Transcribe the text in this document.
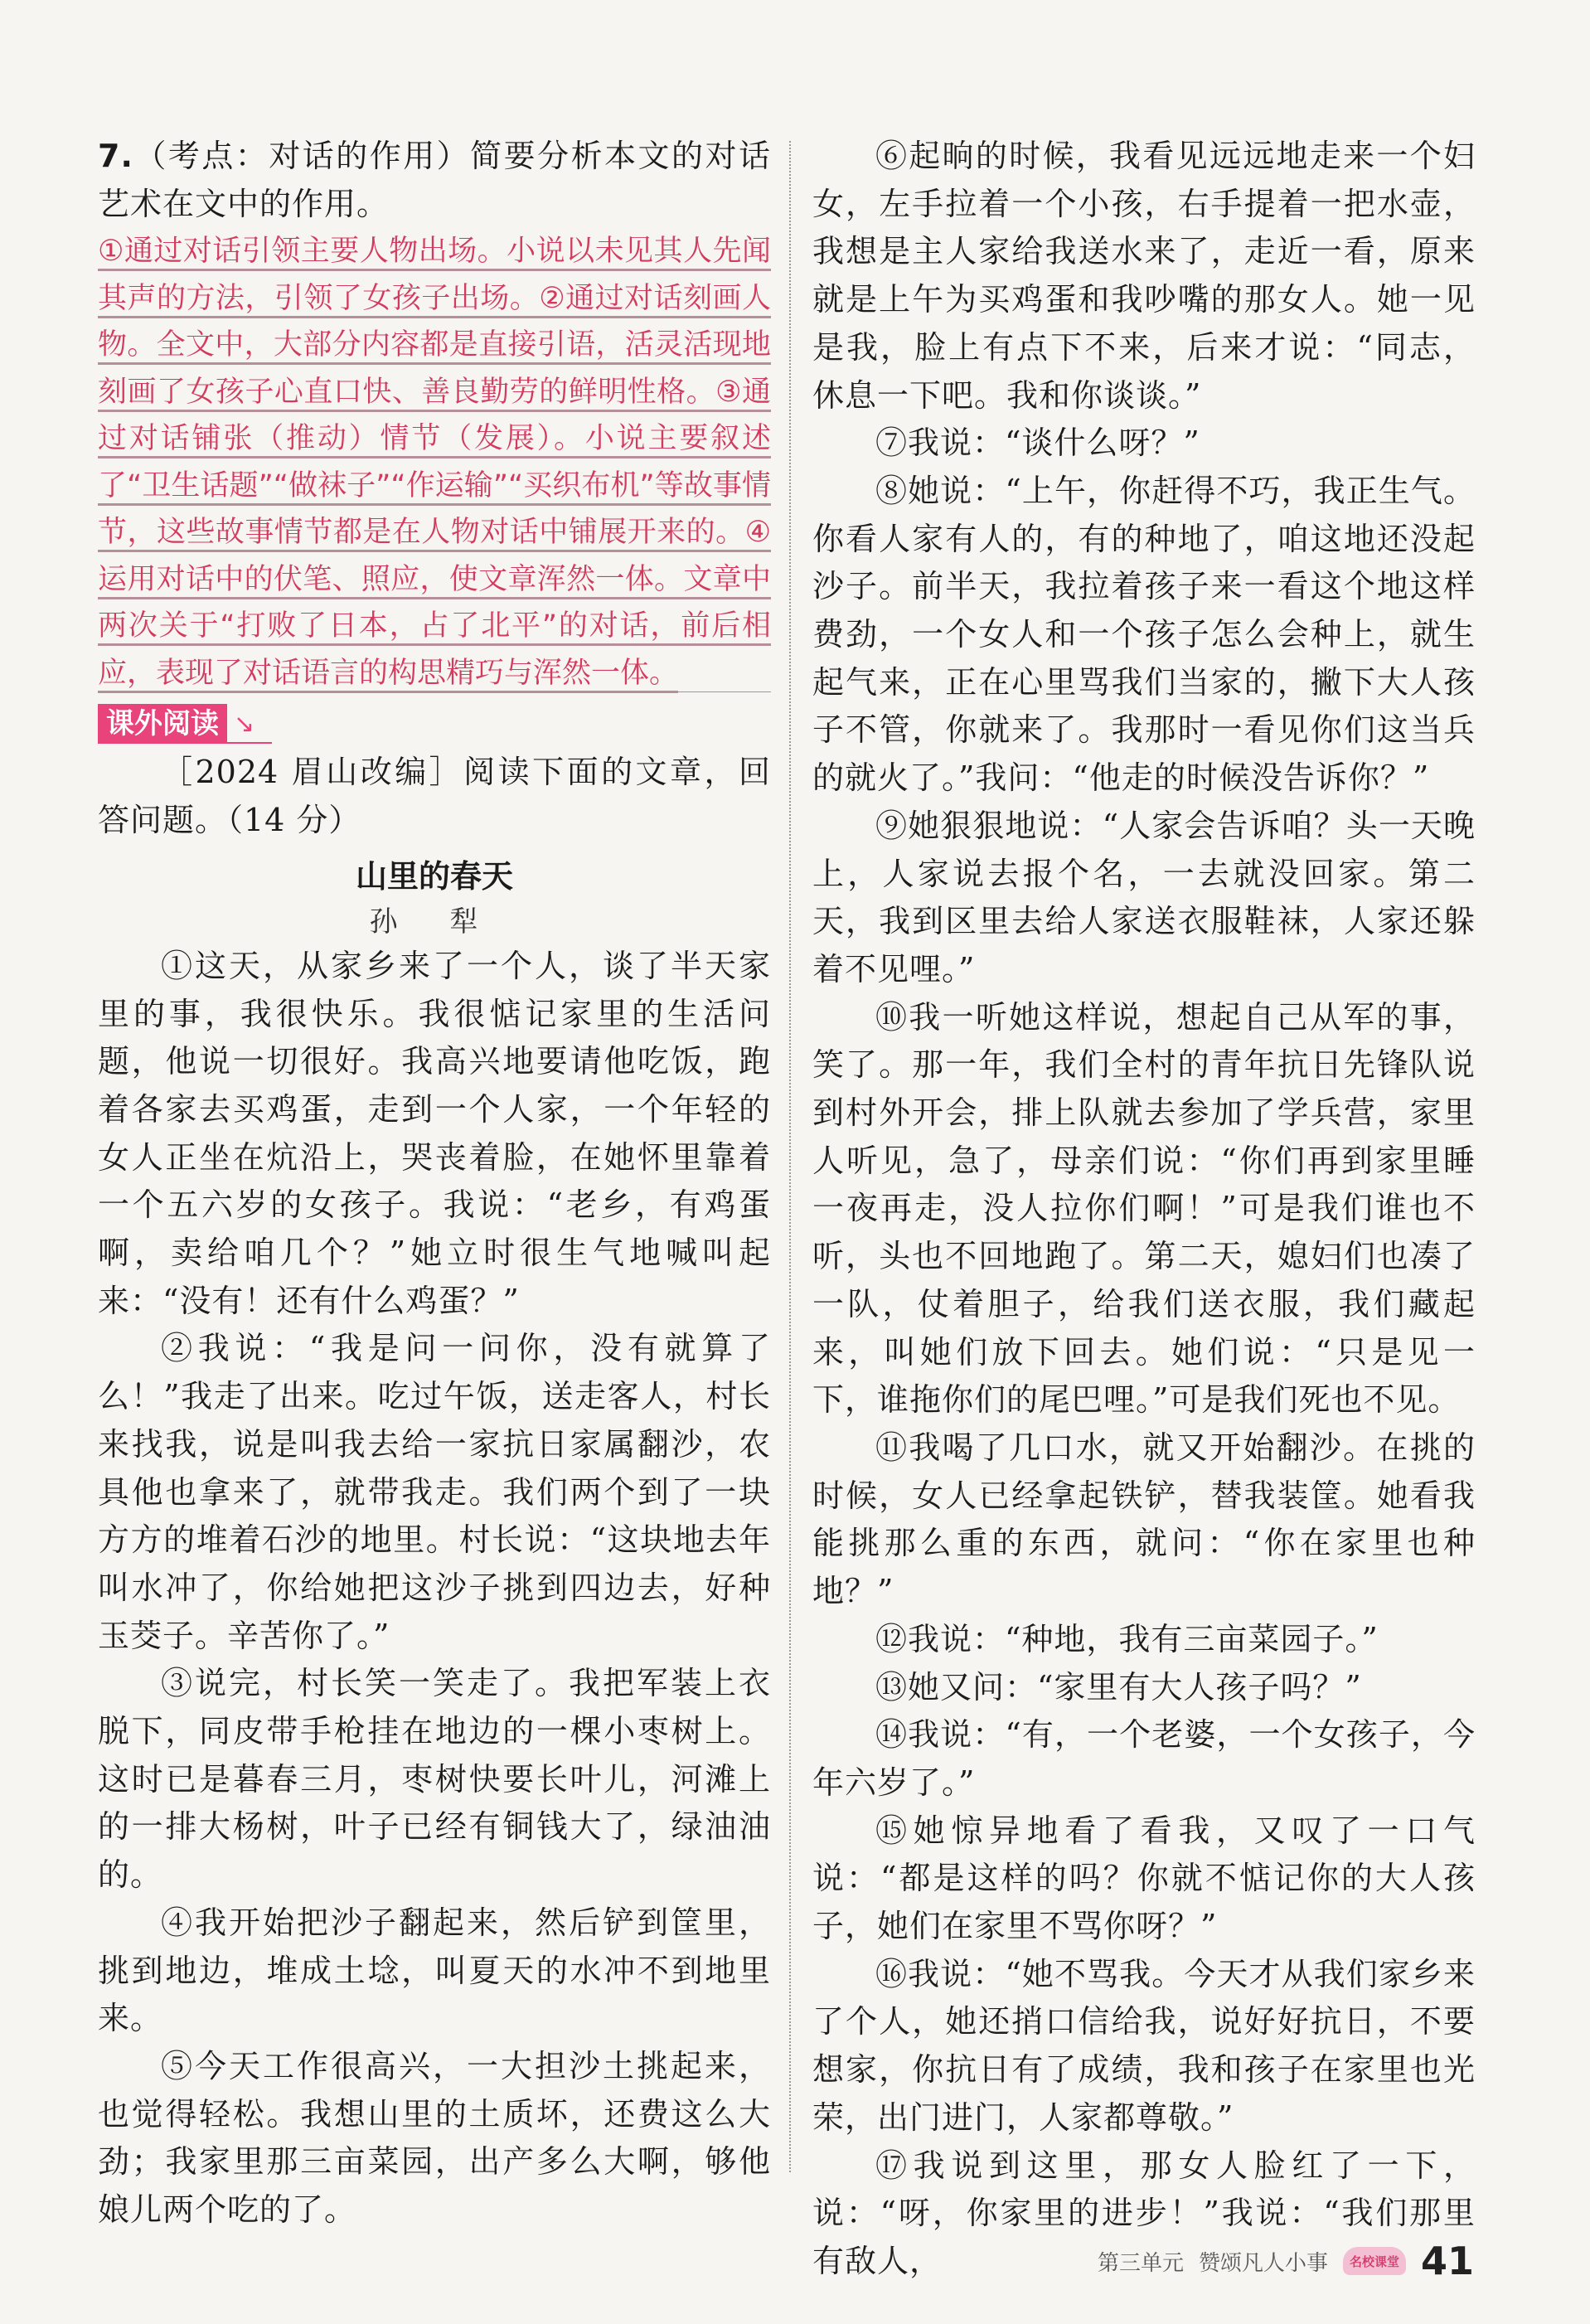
7.（考点：对话的作用）简要分析本文的对话艺术在文中的作用。

①通过对话引领主要人物出场。小说以未见其人先闻其声的方法，引领了女孩子出场。②通过对话刻画人物。全文中，大部分内容都是直接引语，活灵活现地刻画了女孩子心直口快、善良勤劳的鲜明性格。③通过对话铺张（推动）情节（发展）。小说主要叙述了“卫生话题”“做袜子”“作运输”“买织布机”等故事情节，这些故事情节都是在人物对话中铺展开来的。④运用对话中的伏笔、照应，使文章浑然一体。文章中两次关于“打败了日本，占了北平”的对话，前后相应，表现了对话语言的构思精巧与浑然一体。
课外阅读 ↘

［2024 眉山改编］阅读下面的文章，回答问题。（14 分）

山里的春天
孙 犁

①这天，从家乡来了一个人，谈了半天家里的事，我很快乐。我很惦记家里的生活问题，他说一切很好。我高兴地要请他吃饭，跑着各家去买鸡蛋，走到一个人家，一个年轻的女人正坐在炕沿上，哭丧着脸，在她怀里靠着一个五六岁的女孩子。我说：“老乡，有鸡蛋啊，卖给咱几个？”她立时很生气地喊叫起来：“没有！还有什么鸡蛋？”

②我说：“我是问一问你，没有就算了么！”我走了出来。吃过午饭，送走客人，村长来找我，说是叫我去给一家抗日家属翻沙，农具他也拿来了，就带我走。我们两个到了一块方方的堆着石沙的地里。村长说：“这块地去年叫水冲了，你给她把这沙子挑到四边去，好种玉茭子。辛苦你了。”

③说完，村长笑一笑走了。我把军装上衣脱下，同皮带手枪挂在地边的一棵小枣树上。这时已是暮春三月，枣树快要长叶儿，河滩上的一排大杨树，叶子已经有铜钱大了，绿油油的。

④我开始把沙子翻起来，然后铲到筐里，挑到地边，堆成土埝，叫夏天的水冲不到地里来。

⑤今天工作很高兴，一大担沙土挑起来，也觉得轻松。我想山里的土质坏，还费这么大劲；我家里那三亩菜园，出产多么大啊，够他娘儿两个吃的了。

⑥起晌的时候，我看见远远地走来一个妇女，左手拉着一个小孩，右手提着一把水壶，我想是主人家给我送水来了，走近一看，原来就是上午为买鸡蛋和我吵嘴的那女人。她一见是我，脸上有点下不来，后来才说：“同志，休息一下吧。我和你谈谈。”

⑦我说：“谈什么呀？”

⑧她说：“上午，你赶得不巧，我正生气。你看人家有人的，有的种地了，咱这地还没起沙子。前半天，我拉着孩子来一看这个地这样费劲，一个女人和一个孩子怎么会种上，就生起气来，正在心里骂我们当家的，撇下大人孩子不管，你就来了。我那时一看见你们这当兵的就火了。”我问：“他走的时候没告诉你？”

⑨她狠狠地说：“人家会告诉咱？头一天晚上，人家说去报个名，一去就没回家。第二天，我到区里去给人家送衣服鞋袜，人家还躲着不见哩。”

⑩我一听她这样说，想起自己从军的事，笑了。那一年，我们全村的青年抗日先锋队说到村外开会，排上队就去参加了学兵营，家里人听见，急了，母亲们说：“你们再到家里睡一夜再走，没人拉你们啊！”可是我们谁也不听，头也不回地跑了。第二天，媳妇们也凑了一队，仗着胆子，给我们送衣服，我们藏起来，叫她们放下回去。她们说：“只是见一下，谁拖你们的尾巴哩。”可是我们死也不见。

⑪我喝了几口水，就又开始翻沙。在挑的时候，女人已经拿起铁铲，替我装筐。她看我能挑那么重的东西，就问：“你在家里也种地？”

⑫我说：“种地，我有三亩菜园子。”

⑬她又问：“家里有大人孩子吗？”

⑭我说：“有，一个老婆，一个女孩子，今年六岁了。”

⑮她惊异地看了看我，又叹了一口气说：“都是这样的吗？你就不惦记你的大人孩子，她们在家里不骂你呀？”

⑯我说：“她不骂我。今天才从我们家乡来了个人，她还捎口信给我，说好好抗日，不要想家，你抗日有了成绩，我和孩子在家里也光荣，出门进门，人家都尊敬。”

⑰我说到这里，那女人脸红了一下，说：“呀，你家里的进步！”我说：“我们那里有敌人，	第三单元 赞颂凡人小事	名校课堂 41
